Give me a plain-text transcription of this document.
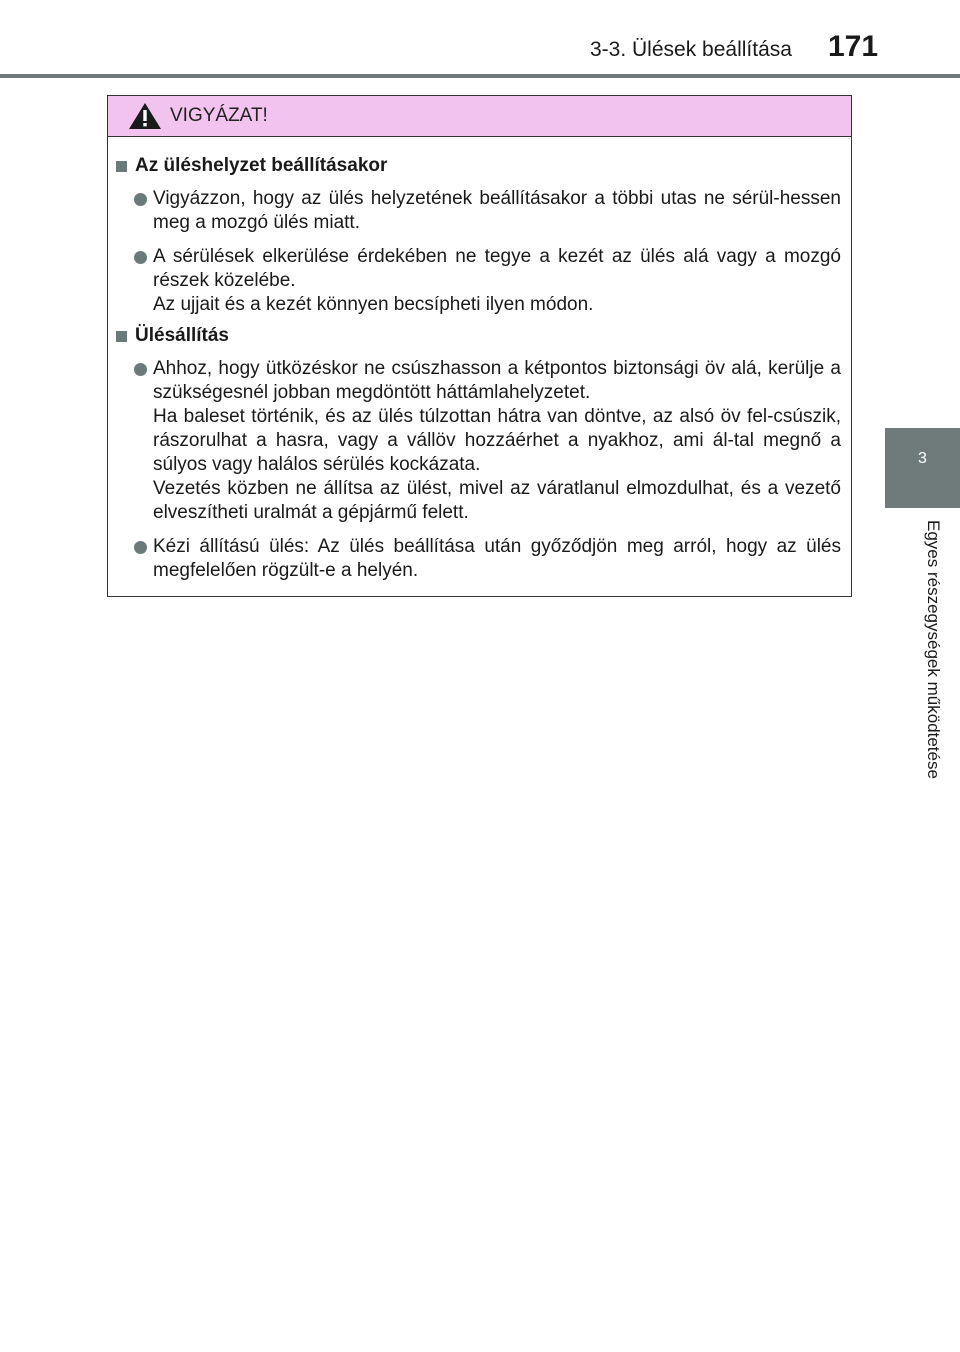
3-3. Ülések beállítása 171
3
Egyes részegységek működtetése
VIGYÁZAT!
Az üléshelyzet beállításakor
Vigyázzon, hogy az ülés helyzetének beállításakor a többi utas ne sérül-hessen meg a mozgó ülés miatt.
A sérülések elkerülése érdekében ne tegye a kezét az ülés alá vagy a mozgó részek közelébe.
Az ujjait és a kezét könnyen becsípheti ilyen módon.
Ülésállítás
Ahhoz, hogy ütközéskor ne csúszhasson a kétpontos biztonsági öv alá, kerülje a szükségesnél jobban megdöntött háttámlahelyzetet.
Ha baleset történik, és az ülés túlzottan hátra van döntve, az alsó öv fel-csúszik, rászorulhat a hasra, vagy a vállöv hozzáérhet a nyakhoz, ami ál-tal megnő a súlyos vagy halálos sérülés kockázata.
Vezetés közben ne állítsa az ülést, mivel az váratlanul elmozdulhat, és a vezető elveszítheti uralmát a gépjármű felett.
Kézi állítású ülés: Az ülés beállítása után győződjön meg arról, hogy az ülés megfelelően rögzült-e a helyén.
